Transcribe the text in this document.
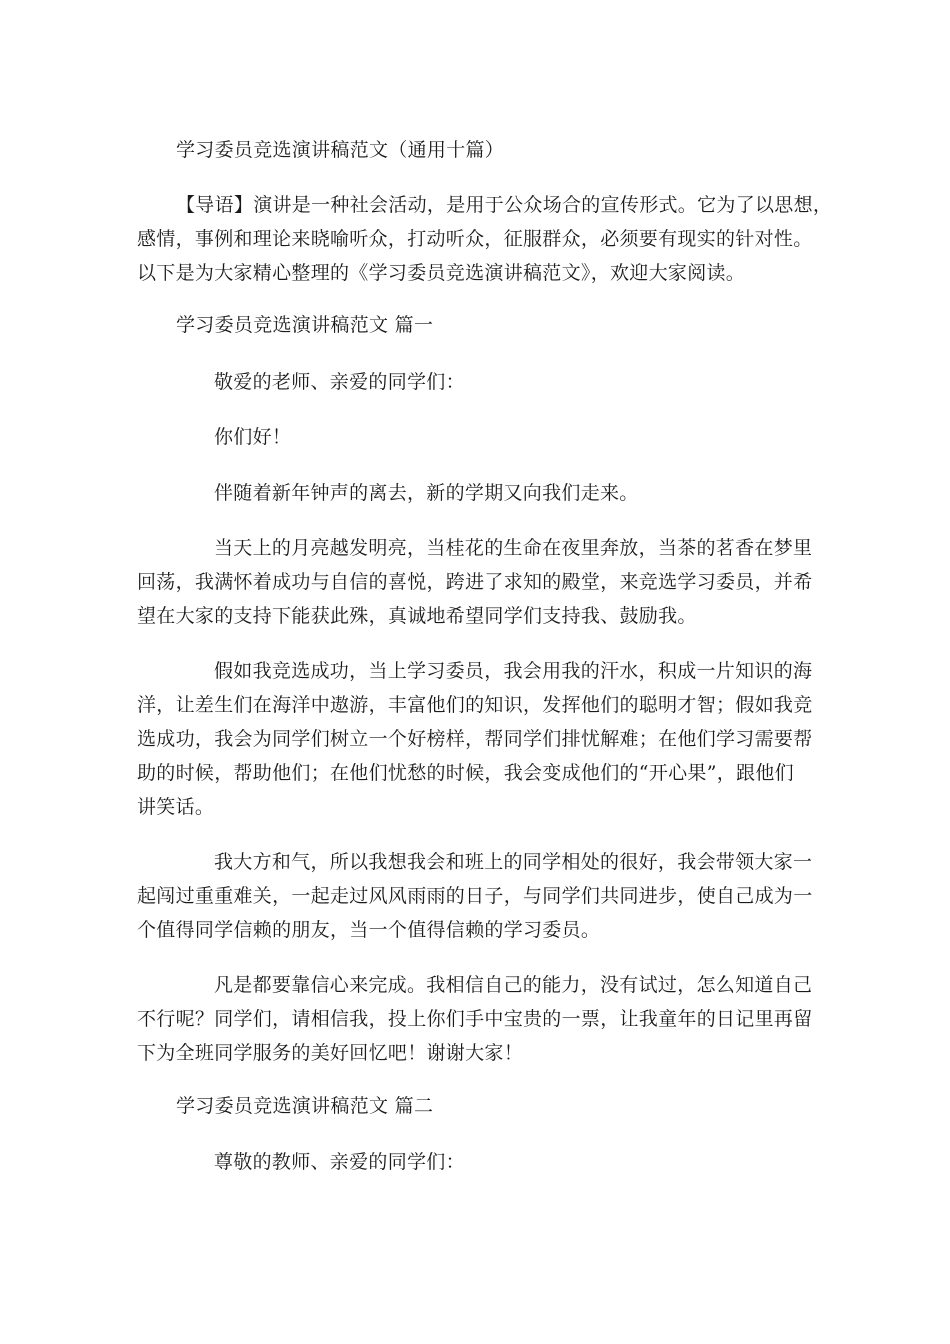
学习委员竞选演讲稿范文（通用十篇）
【导语】演讲是一种社会活动，是用于公众场合的宣传形式。它为了以思想，
感情，事例和理论来晓喻听众，打动听众，征服群众，必须要有现实的针对性。
以下是为大家精心整理的《学习委员竞选演讲稿范文》，欢迎大家阅读。
学习委员竞选演讲稿范文 篇一
敬爱的老师、亲爱的同学们：
你们好！
伴随着新年钟声的离去，新的学期又向我们走来。
当天上的月亮越发明亮，当桂花的生命在夜里奔放，当茶的茗香在梦里
回荡，我满怀着成功与自信的喜悦，跨进了求知的殿堂，来竞选学习委员，并希
望在大家的支持下能获此殊，真诚地希望同学们支持我、鼓励我。
假如我竞选成功，当上学习委员，我会用我的汗水，积成一片知识的海
洋，让差生们在海洋中遨游，丰富他们的知识，发挥他们的聪明才智；假如我竞
选成功，我会为同学们树立一个好榜样，帮同学们排忧解难；在他们学习需要帮
助的时候，帮助他们；在他们忧愁的时候，我会变成他们的“开心果”，跟他们
讲笑话。
我大方和气，所以我想我会和班上的同学相处的很好，我会带领大家一
起闯过重重难关，一起走过风风雨雨的日子，与同学们共同进步，使自己成为一
个值得同学信赖的朋友，当一个值得信赖的学习委员。
凡是都要靠信心来完成。我相信自己的能力，没有试过，怎么知道自己
不行呢？同学们，请相信我，投上你们手中宝贵的一票，让我童年的日记里再留
下为全班同学服务的美好回忆吧！谢谢大家！
学习委员竞选演讲稿范文 篇二
尊敬的教师、亲爱的同学们：
